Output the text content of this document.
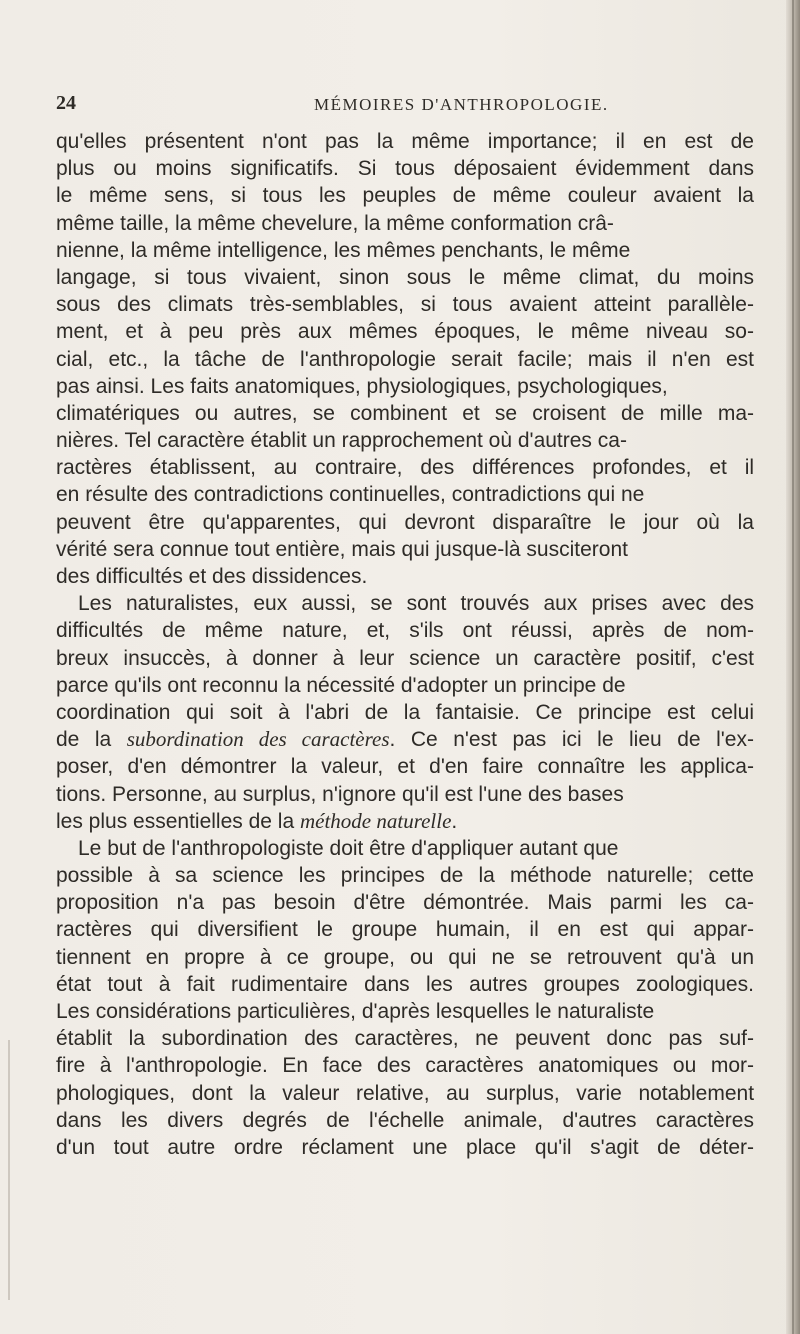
24	MÉMOIRES D'ANTHROPOLOGIE.
qu'elles présentent n'ont pas la même importance; il en est de
plus ou moins significatifs. Si tous déposaient évidemment dans
le même sens, si tous les peuples de même couleur avaient la
même taille, la même chevelure, la même conformation crâ-
nienne, la même intelligence, les mêmes penchants, le même
langage, si tous vivaient, sinon sous le même climat, du moins
sous des climats très-semblables, si tous avaient atteint parallèle-
ment, et à peu près aux mêmes époques, le même niveau so-
cial, etc., la tâche de l'anthropologie serait facile; mais il n'en est
pas ainsi. Les faits anatomiques, physiologiques, psychologiques,
climatériques ou autres, se combinent et se croisent de mille ma-
nières. Tel caractère établit un rapprochement où d'autres ca-
ractères établissent, au contraire, des différences profondes, et il
en résulte des contradictions continuelles, contradictions qui ne
peuvent être qu'apparentes, qui devront disparaître le jour où la
vérité sera connue tout entière, mais qui jusque-là susciteront
des difficultés et des dissidences.
Les naturalistes, eux aussi, se sont trouvés aux prises avec des
difficultés de même nature, et, s'ils ont réussi, après de nom-
breux insuccès, à donner à leur science un caractère positif, c'est
parce qu'ils ont reconnu la nécessité d'adopter un principe de
coordination qui soit à l'abri de la fantaisie. Ce principe est celui
de la subordination des caractères. Ce n'est pas ici le lieu de l'ex-
poser, d'en démontrer la valeur, et d'en faire connaître les applica-
tions. Personne, au surplus, n'ignore qu'il est l'une des bases
les plus essentielles de la méthode naturelle.
Le but de l'anthropologiste doit être d'appliquer autant que
possible à sa science les principes de la méthode naturelle; cette
proposition n'a pas besoin d'être démontrée. Mais parmi les ca-
ractères qui diversifient le groupe humain, il en est qui appar-
tiennent en propre à ce groupe, ou qui ne se retrouvent qu'à un
état tout à fait rudimentaire dans les autres groupes zoologiques.
Les considérations particulières, d'après lesquelles le naturaliste
établit la subordination des caractères, ne peuvent donc pas suf-
fire à l'anthropologie. En face des caractères anatomiques ou mor-
phologiques, dont la valeur relative, au surplus, varie notablement
dans les divers degrés de l'échelle animale, d'autres caractères
d'un tout autre ordre réclament une place qu'il s'agit de déter-
